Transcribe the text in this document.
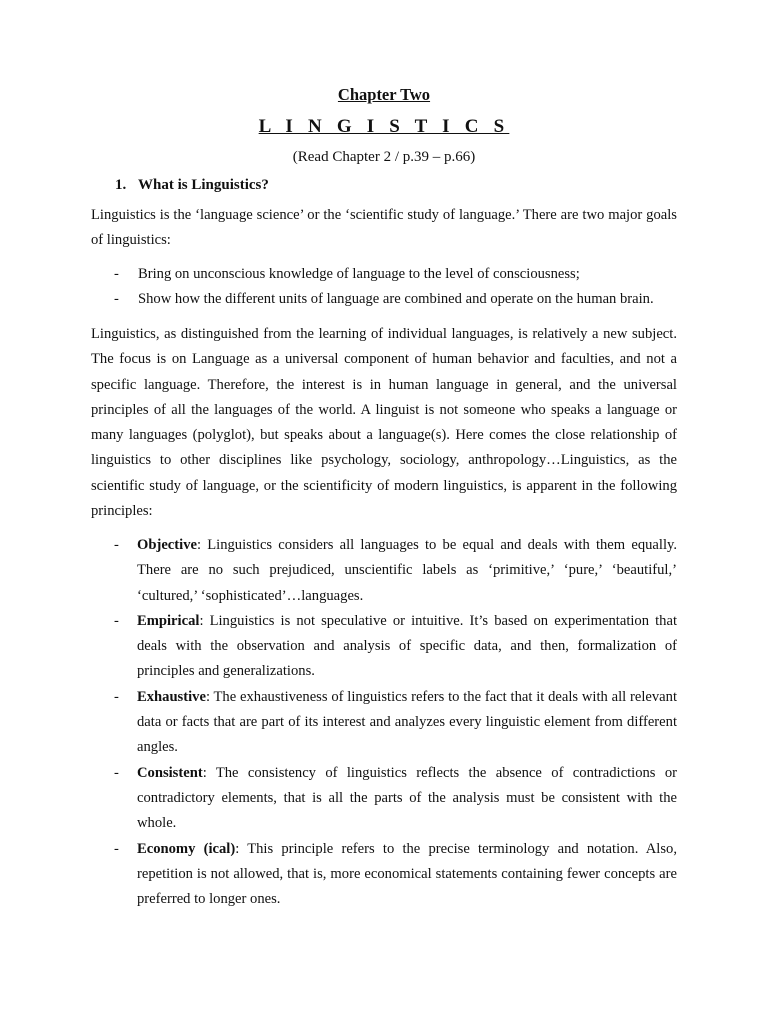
Chapter Two
L I N G I S T I C S
(Read Chapter 2 / p.39 – p.66)
1. What is Linguistics?

Linguistics is the ‘language science’ or the ‘scientific study of language.’ There are two major goals of linguistics:

- Bring on unconscious knowledge of language to the level of consciousness;
- Show how the different units of language are combined and operate on the human brain.

Linguistics, as distinguished from the learning of individual languages, is relatively a new subject. The focus is on Language as a universal component of human behavior and faculties, and not a specific language. Therefore, the interest is in human language in general, and the universal principles of all the languages of the world. A linguist is not someone who speaks a language or many languages (polyglot), but speaks about a language(s). Here comes the close relationship of linguistics to other disciplines like psychology, sociology, anthropology…Linguistics, as the scientific study of language, or the scientificity of modern linguistics, is apparent in the following principles:

- Objective: Linguistics considers all languages to be equal and deals with them equally. There are no such prejudiced, unscientific labels as ‘primitive,’ ‘pure,’ ‘beautiful,’ ‘cultured,’ ‘sophisticated’…languages.
- Empirical: Linguistics is not speculative or intuitive. It’s based on experimentation that deals with the observation and analysis of specific data, and then, formalization of principles and generalizations.
- Exhaustive: The exhaustiveness of linguistics refers to the fact that it deals with all relevant data or facts that are part of its interest and analyzes every linguistic element from different angles.
- Consistent: The consistency of linguistics reflects the absence of contradictions or contradictory elements, that is all the parts of the analysis must be consistent with the whole.
- Economy (ical): This principle refers to the precise terminology and notation. Also, repetition is not allowed, that is, more economical statements containing fewer concepts are preferred to longer ones.
